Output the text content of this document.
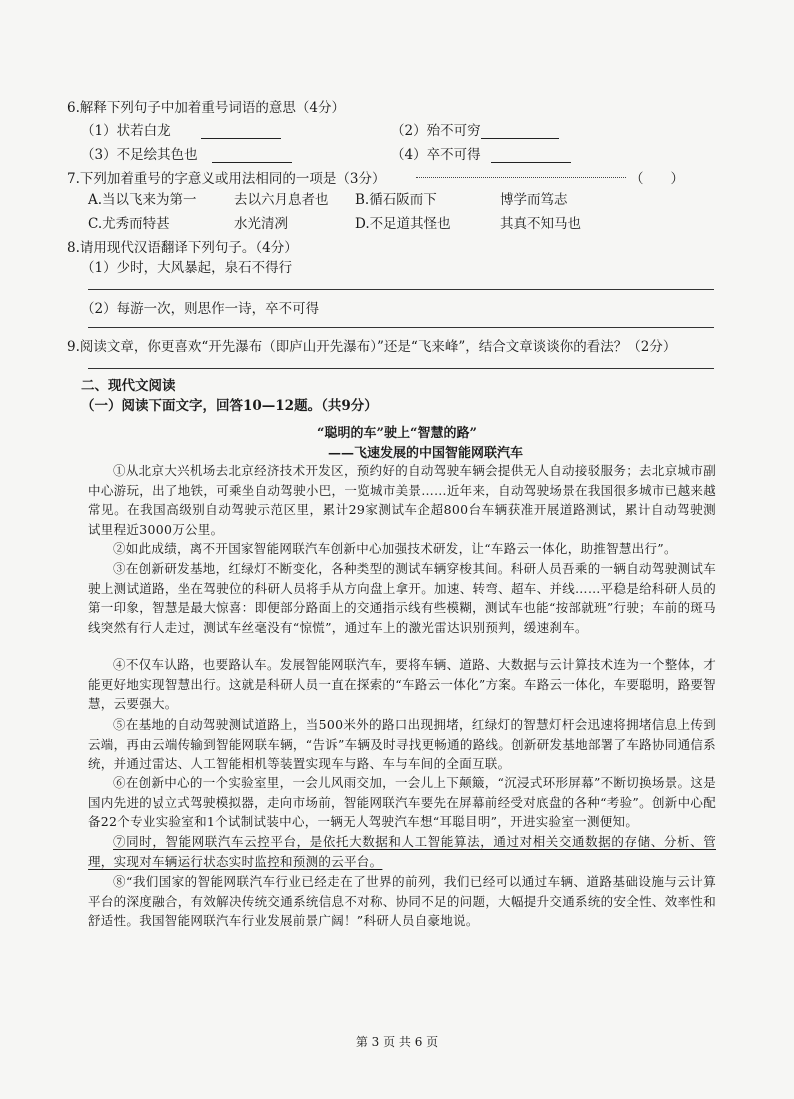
6.解释下列句子中加着重号词语的意思（4分）
（1）状若白龙	（2）殆不可穷
（3）不足绘其色也	（4）卒不可得
7.下列加着重号的字意义或用法相同的一项是（3分）	（　　）
A.当以飞来为第一	去以六月息者也 B.循石阪而下	博学而笃志
C.尤秀而特甚	水光清冽	D.不足道其怪也	其真不知马也
8.请用现代汉语翻译下列句子。（4分）
（1）少时，大风暴起，泉石不得行
（2）每游一次，则思作一诗，卒不可得
9.阅读文章，你更喜欢“开先瀑布（即庐山开先瀑布）”还是“飞来峰”，结合文章谈谈你的看法？（2分）
二、现代文阅读
（一）阅读下面文字，回答10—12题。（共9分）
“聪明的车”驶上“智慧的路”
——飞速发展的中国智能网联汽车
①从北京大兴机场去北京经济技术开发区，预约好的自动驾驶车辆会提供无人自动接驳服务；去北京城市副中心游玩，出了地铁，可乘坐自动驾驶小巴，一览城市美景……近年来，自动驾驶场景在我国很多城市已越来越常见。在我国高级别自动驾驶示范区里，累计29家测试车企超800台车辆获准开展道路测试，累计自动驾驶测试里程近3000万公里。
②如此成绩，离不开国家智能网联汽车创新中心加强技术研发，让“车路云一体化，助推智慧出行”。
③在创新研发基地，红绿灯不断变化，各种类型的测试车辆穿梭其间。科研人员吾乘的一辆自动驾驶测试车驶上测试道路，坐在驾驶位的科研人员将手从方向盘上拿开。加速、转弯、超车、并线……平稳是给科研人员的第一印象，智慧是最大惊喜：即便部分路面上的交通指示线有些模糊，测试车也能“按部就班”行驶；车前的斑马线突然有行人走过，测试车丝毫没有“惊慌”，通过车上的激光雷达识别预判，缓速刹车。
④不仅车认路，也要路认车。发展智能网联汽车，要将车辆、道路、大数据与云计算技术连为一个整体，才能更好地实现智慧出行。这就是科研人员一直在探索的“车路云一体化”方案。车路云一体化，车要聪明，路要智慧，云要强大。
⑤在基地的自动驾驶测试道路上，当500米外的路口出现拥堵，红绿灯的智慧灯杆会迅速将拥堵信息上传到云端，再由云端传输到智能网联车辆，“告诉”车辆及时寻找更畅通的路线。创新研发基地部署了车路协同通信系统，并通过雷达、人工智能相机等装置实现车与路、车与车间的全面互联。
⑥在创新中心的一个实验室里，一会儿风雨交加，一会儿上下颠簸，“沉浸式环形屏幕”不断切换场景。这是国内先进的넔立式驾驶模拟器，走向市场前，智能网联汽车要先在屏幕前经受对底盘的各种“考验”。创新中心配备22个专业实验室和1个试制试装中心，一辆无人驾驶汽车想“耳聪目明”，开进实验室一测便知。
⑦同时，智能网联汽车云控平台，是依托大数据和人工智能算法，通过对相关交通数据的存储、分析、管理，实现对车辆运行状态实时监控和预测的云平台。
⑧“我们国家的智能网联汽车行业已经走在了世界的前列，我们已经可以通过车辆、道路基础设施与云计算平台的深度融合，有效解决传统交通系统信息不对称、协同不足的问题，大幅提升交通系统的安全性、效率性和舒适性。我国智能网联汽车行业发展前景广阔！”科研人员自豪地说。
第 3 页 共 6 页
